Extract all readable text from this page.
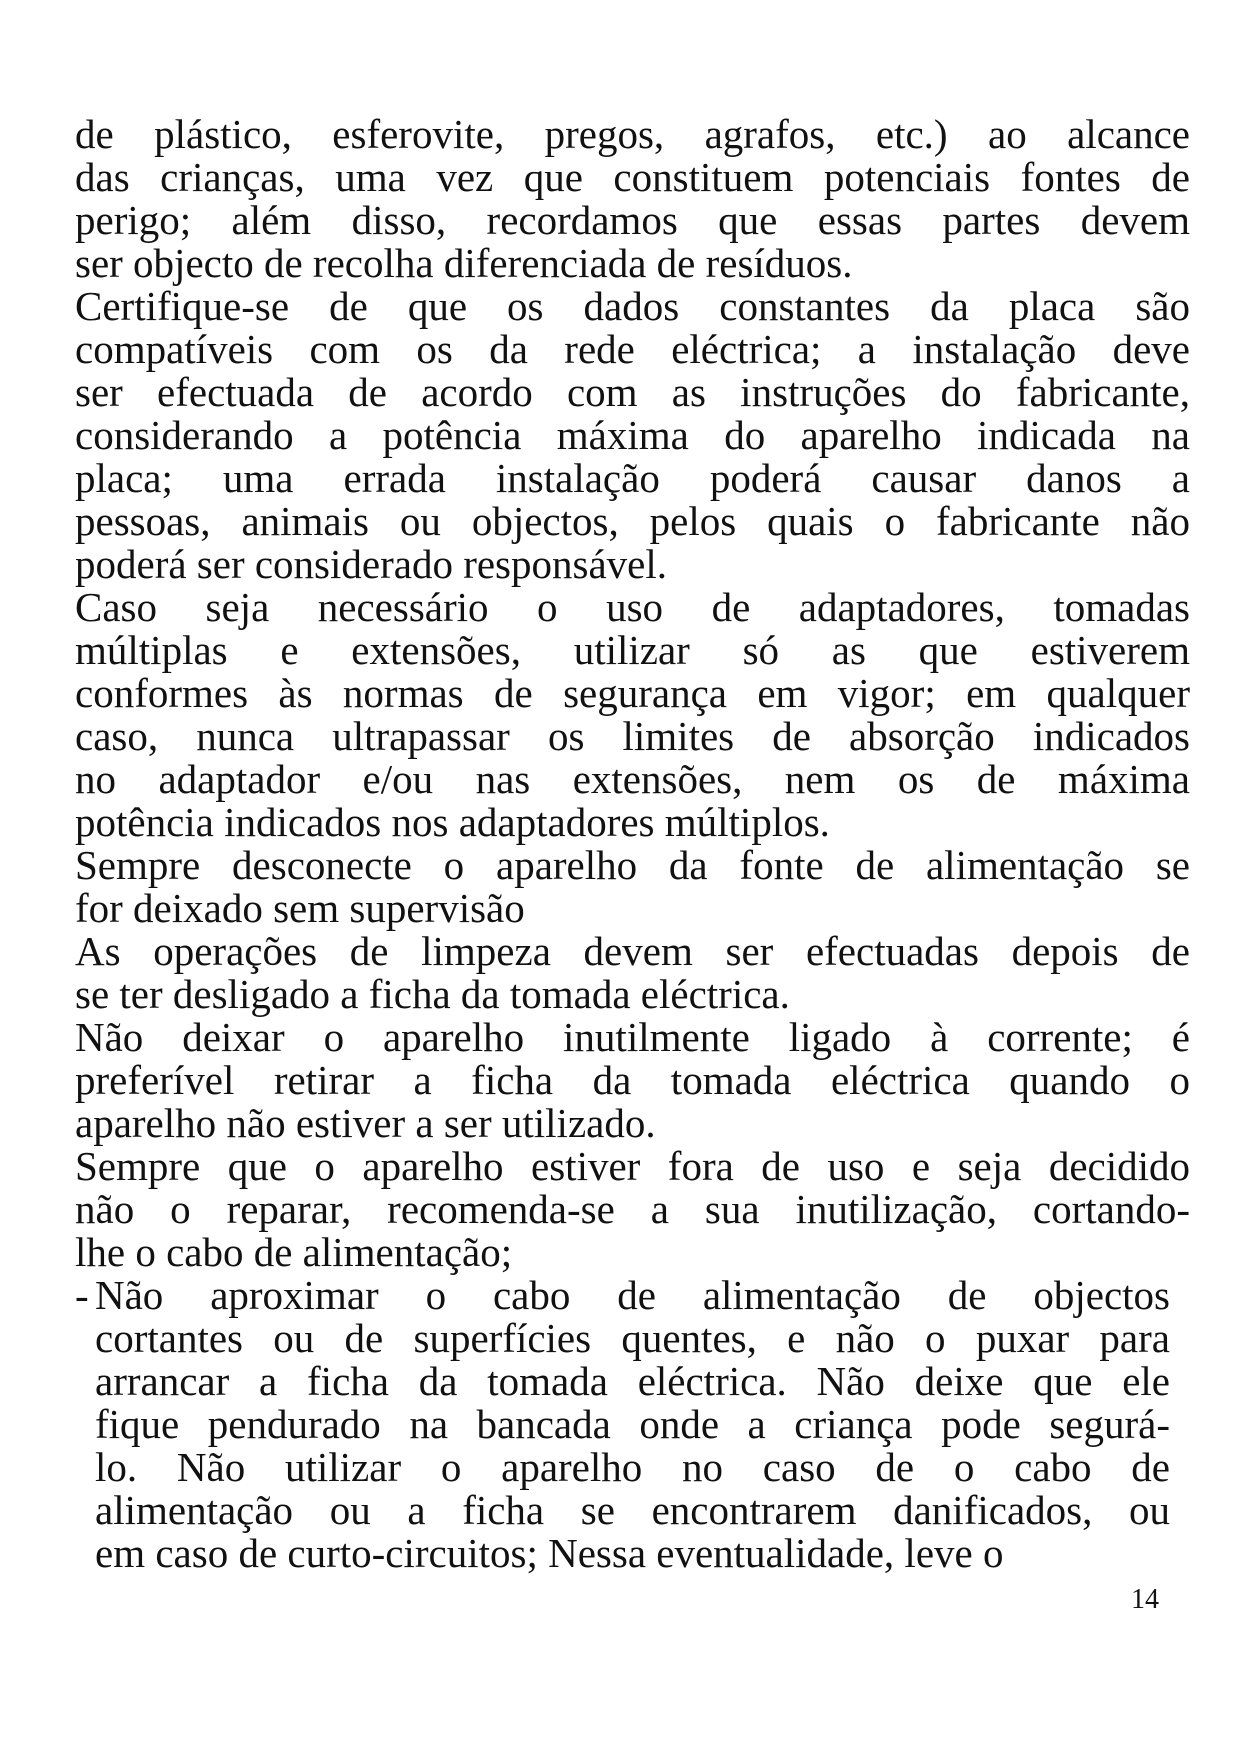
de plástico, esferovite, pregos, agrafos, etc.) ao alcance
das crianças, uma vez que constituem potenciais fontes de
perigo; além disso, recordamos que essas partes devem
ser objecto de recolha diferenciada de resíduos.
Certifique-se de que os dados constantes da placa são
compatíveis com os da rede eléctrica; a instalação deve
ser efectuada de acordo com as instruções do fabricante,
considerando a potência máxima do aparelho indicada na
placa; uma errada instalação poderá causar danos a
pessoas, animais ou objectos, pelos quais o fabricante não
poderá ser considerado responsável.
Caso seja necessário o uso de adaptadores, tomadas
múltiplas e extensões, utilizar só as que estiverem
conformes às normas de segurança em vigor; em qualquer
caso, nunca ultrapassar os limites de absorção indicados
no adaptador e/ou nas extensões, nem os de máxima
potência indicados nos adaptadores múltiplos.
Sempre desconecte o aparelho da fonte de alimentação se
for deixado sem supervisão
As operações de limpeza devem ser efectuadas depois de
se ter desligado a ficha da tomada eléctrica.
Não deixar o aparelho inutilmente ligado à corrente; é
preferível retirar a ficha da tomada eléctrica quando o
aparelho não estiver a ser utilizado.
Sempre que o aparelho estiver fora de uso e seja decidido
não o reparar, recomenda-se a sua inutilização, cortando-
lhe o cabo de alimentação;
- Não aproximar o cabo de alimentação de objectos
cortantes ou de superfícies quentes, e não o puxar para
arrancar a ficha da tomada eléctrica. Não deixe que ele
fique pendurado na bancada onde a criança pode segurá-
lo. Não utilizar o aparelho no caso de o cabo de
alimentação ou a ficha se encontrarem danificados, ou
em caso de curto-circuitos; Nessa eventualidade, leve o
14
